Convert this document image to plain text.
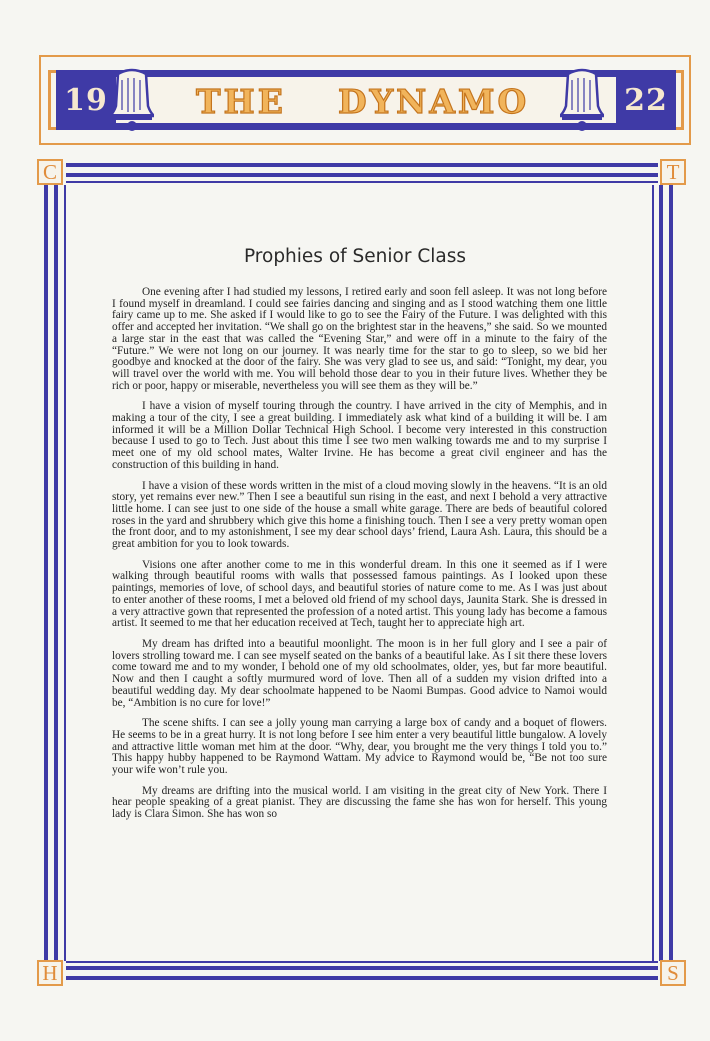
19	22
THE DYNAMO
C	T
H	S
Prophies of Senior Class

One evening after I had studied my lessons, I retired early and soon fell asleep. It was not long before I found myself in dreamland. I could see fairies dancing and singing and as I stood watching them one little fairy came up to me. She asked if I would like to go to see the Fairy of the Future. I was delighted with this offer and accepted her invitation. “We shall go on the brightest star in the heavens,” she said. So we mounted a large star in the east that was called the “Evening Star,” and were off in a minute to the fairy of the “Future.” We were not long on our journey. It was nearly time for the star to go to sleep, so we bid her goodbye and knocked at the door of the fairy. She was very glad to see us, and said: “Tonight, my dear, you will travel over the world with me. You will behold those dear to you in their future lives. Whether they be rich or poor, happy or miserable, nevertheless you will see them as they will be.”

I have a vision of myself touring through the country. I have arrived in the city of Memphis, and in making a tour of the city, I see a great building. I immediately ask what kind of a building it will be. I am informed it will be a Million Dollar Technical High School. I become very interested in this construction because I used to go to Tech. Just about this time I see two men walking towards me and to my surprise I meet one of my old school mates, Walter Irvine. He has become a great civil engineer and has the construction of this building in hand.

I have a vision of these words written in the mist of a cloud moving slowly in the heavens. “It is an old story, yet remains ever new.” Then I see a beautiful sun rising in the east, and next I behold a very attractive little home. I can see just to one side of the house a small white garage. There are beds of beautiful colored roses in the yard and shrubbery which give this home a finishing touch. Then I see a very pretty woman open the front door, and to my astonishment, I see my dear school days’ friend, Laura Ash. Laura, this should be a great ambition for you to look towards.

Visions one after another come to me in this wonderful dream. In this one it seemed as if I were walking through beautiful rooms with walls that possessed famous paintings. As I looked upon these paintings, memories of love, of school days, and beautiful stories of nature come to me. As I was just about to enter another of these rooms, I met a beloved old friend of my school days, Jaunita Stark. She is dressed in a very attractive gown that represented the profession of a noted artist. This young lady has become a famous artist. It seemed to me that her education received at Tech, taught her to appreciate high art.

My dream has drifted into a beautiful moonlight. The moon is in her full glory and I see a pair of lovers strolling toward me. I can see myself seated on the banks of a beautiful lake. As I sit there these lovers come toward me and to my wonder, I behold one of my old schoolmates, older, yes, but far more beautiful. Now and then I caught a softly murmured word of love. Then all of a sudden my vision drifted into a beautiful wedding day. My dear schoolmate happened to be Naomi Bumpas. Good advice to Namoi would be, “Ambition is no cure for love!”

The scene shifts. I can see a jolly young man carrying a large box of candy and a boquet of flowers. He seems to be in a great hurry. It is not long before I see him enter a very beautiful little bungalow. A lovely and attractive little woman met him at the door. “Why, dear, you brought me the very things I told you to.” This happy hubby happened to be Raymond Wattam. My advice to Raymond would be, “Be not too sure your wife won’t rule you.

My dreams are drifting into the musical world. I am visiting in the great city of New York. There I hear people speaking of a great pianist. They are discussing the fame she has won for herself. This young lady is Clara Simon. She has won so
